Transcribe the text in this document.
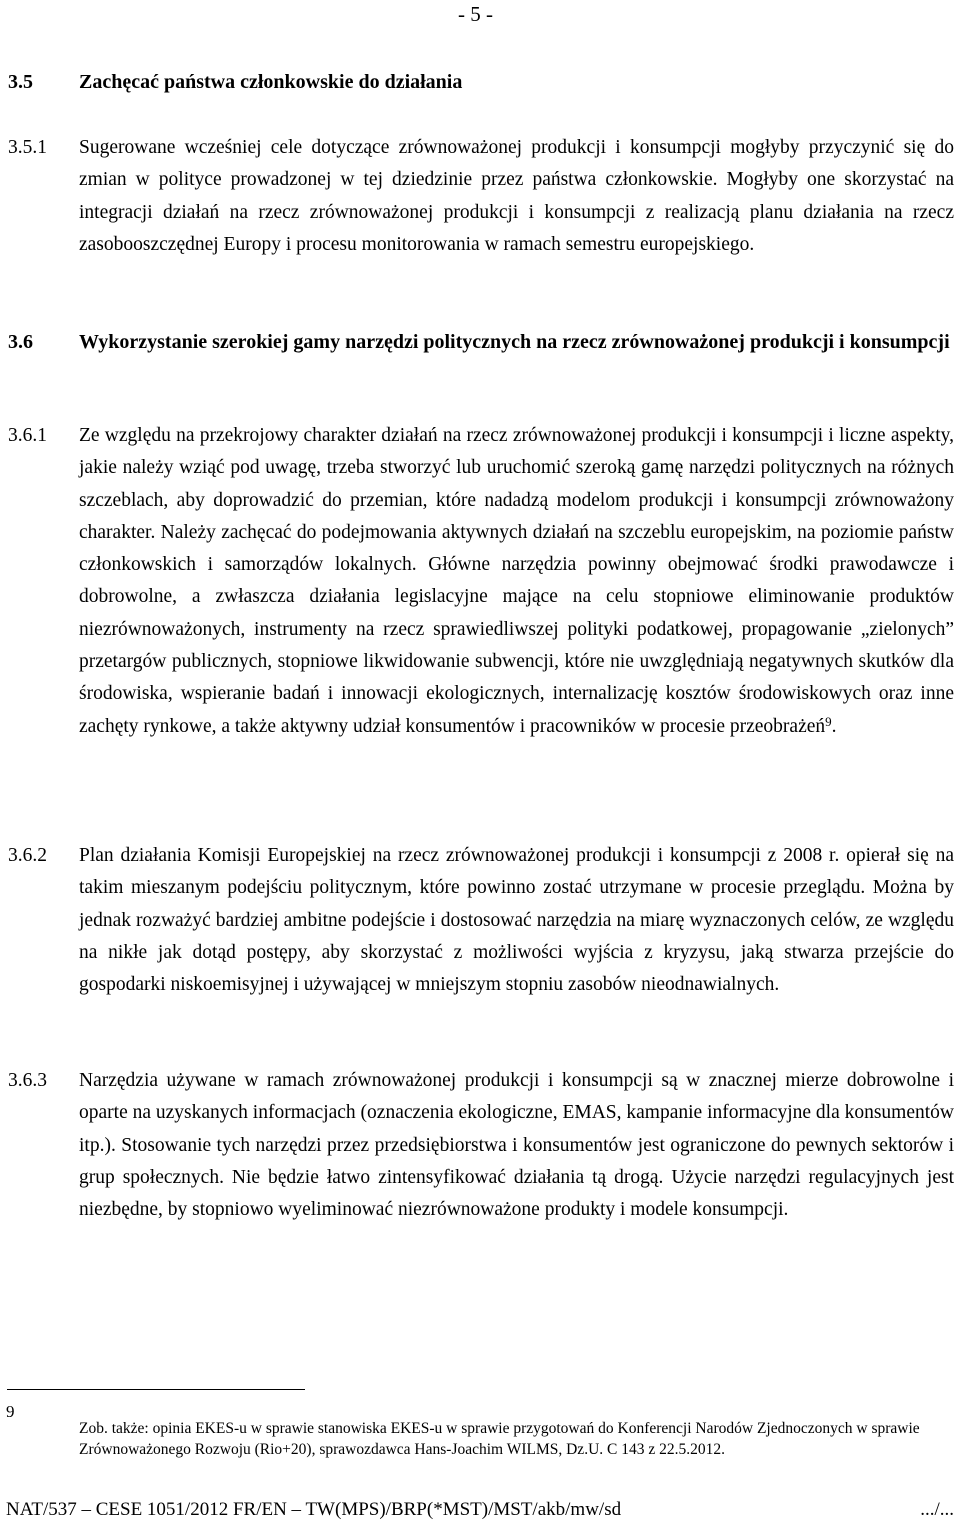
- 5 -
3.5	Zachęcać państwa członkowskie do działania
3.5.1	Sugerowane wcześniej cele dotyczące zrównoważonej produkcji i konsumpcji mogłyby przyczynić się do zmian w polityce prowadzonej w tej dziedzinie przez państwa członkowskie. Mogłyby one skorzystać na integracji działań na rzecz zrównoważonej produkcji i konsumpcji z realizacją planu działania na rzecz zasobooszczędnej Europy i procesu monitorowania w ramach semestru europejskiego.
3.6	Wykorzystanie szerokiej gamy narzędzi politycznych na rzecz zrównoważonej produkcji i konsumpcji
3.6.1	Ze względu na przekrojowy charakter działań na rzecz zrównoważonej produkcji i konsumpcji i liczne aspekty, jakie należy wziąć pod uwagę, trzeba stworzyć lub uruchomić szeroką gamę narzędzi politycznych na różnych szczeblach, aby doprowadzić do przemian, które nadadzą modelom produkcji i konsumpcji zrównoważony charakter. Należy zachęcać do podejmowania aktywnych działań na szczeblu europejskim, na poziomie państw członkowskich i samorządów lokalnych. Główne narzędzia powinny obejmować środki prawodawcze i dobrowolne, a zwłaszcza działania legislacyjne mające na celu stopniowe eliminowanie produktów niezrównoważonych, instrumenty na rzecz sprawiedliwszej polityki podatkowej, propagowanie „zielonych” przetargów publicznych, stopniowe likwidowanie subwencji, które nie uwzględniają negatywnych skutków dla środowiska, wspieranie badań i innowacji ekologicznych, internalizację kosztów środowiskowych oraz inne zachęty rynkowe, a także aktywny udział konsumentów i pracowników w procesie przeobrażeń$^9$.
3.6.2	Plan działania Komisji Europejskiej na rzecz zrównoważonej produkcji i konsumpcji z 2008 r. opierał się na takim mieszanym podejściu politycznym, które powinno zostać utrzymane w procesie przeglądu. Można by jednak rozważyć bardziej ambitne podejście i dostosować narzędzia na miarę wyznaczonych celów, ze względu na nikłe jak dotąd postępy, aby skorzystać z możliwości wyjścia z kryzysu, jaką stwarza przejście do gospodarki niskoemisyjnej i używającej w mniejszym stopniu zasobów nieodnawialnych.
3.6.3	Narzędzia używane w ramach zrównoważonej produkcji i konsumpcji są w znacznej mierze dobrowolne i oparte na uzyskanych informacjach (oznaczenia ekologiczne, EMAS, kampanie informacyjne dla konsumentów itp.). Stosowanie tych narzędzi przez przedsiębiorstwa i konsumentów jest ograniczone do pewnych sektorów i grup społecznych. Nie będzie łatwo zintensyfikować działania tą drogą. Użycie narzędzi regulacyjnych jest niezbędne, by stopniowo wyeliminować niezrównoważone produkty i modele konsumpcji.
9
Zob. także: opinia EKES-u w sprawie stanowiska EKES-u w sprawie przygotowań do Konferencji Narodów Zjednoczonych w sprawie Zrównoważonego Rozwoju (Rio+20), sprawozdawca Hans-Joachim WILMS, Dz.U. C 143 z 22.5.2012.
NAT/537 – CESE 1051/2012 FR/EN – TW(MPS)/BRP(*MST)/MST/akb/mw/sd	.../...
